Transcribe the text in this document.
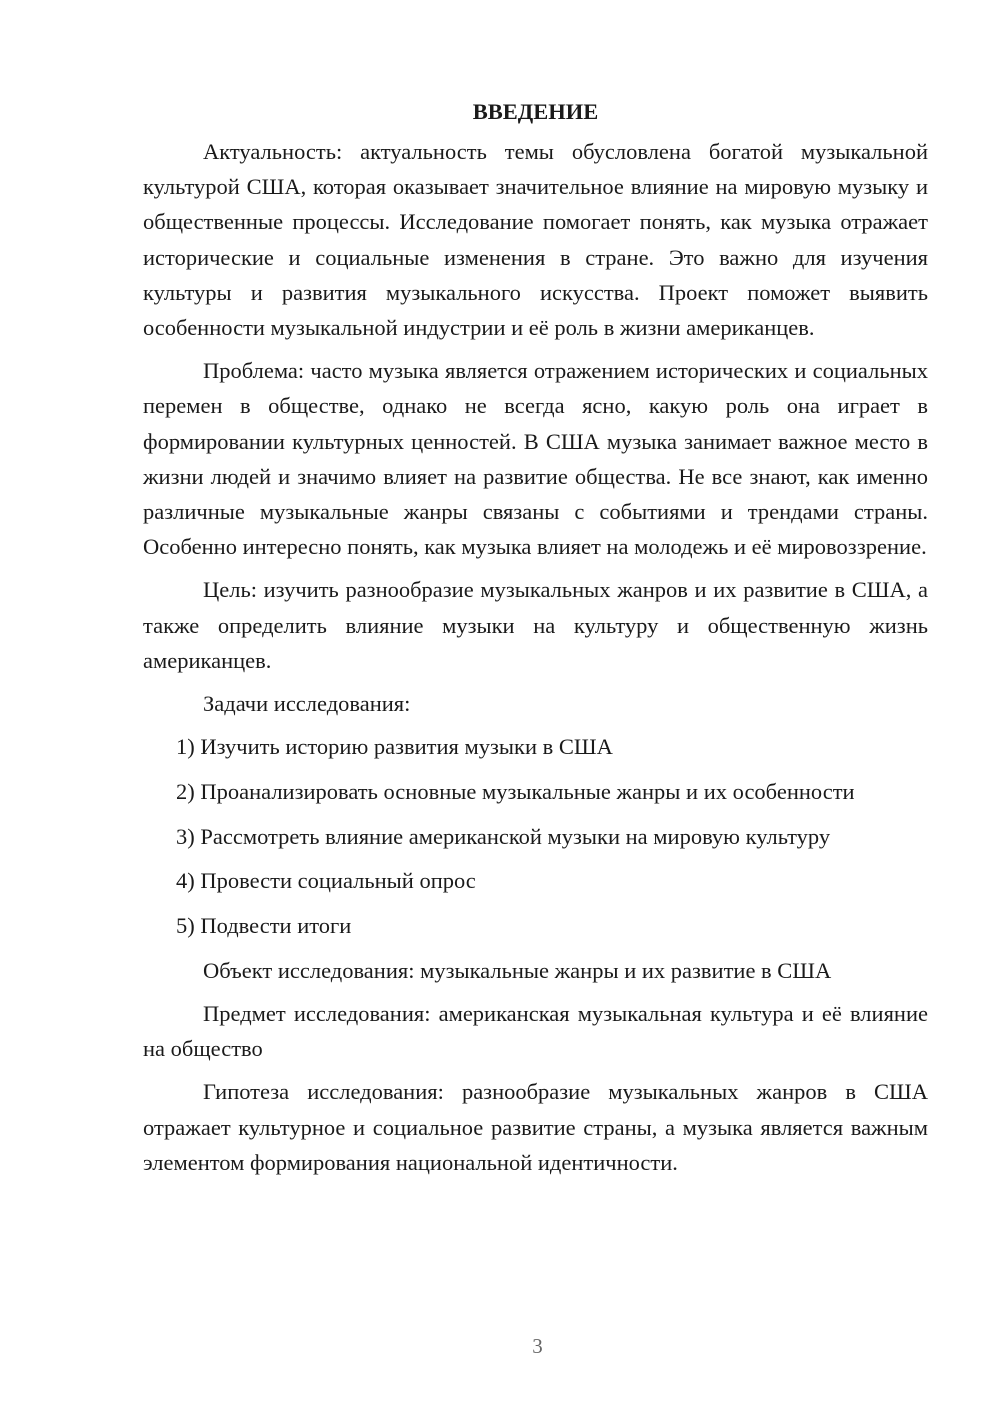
ВВЕДЕНИЕ

Актуальность: актуальность темы обусловлена богатой музыкальной культурой США, которая оказывает значительное влияние на мировую музыку и общественные процессы. Исследование помогает понять, как музыка отражает исторические и социальные изменения в стране. Это важно для изучения культуры и развития музыкального искусства. Проект поможет выявить особенности музыкальной индустрии и её роль в жизни американцев.

Проблема: часто музыка является отражением исторических и социальных перемен в обществе, однако не всегда ясно, какую роль она играет в формировании культурных ценностей. В США музыка занимает важное место в жизни людей и значимо влияет на развитие общества. Не все знают, как именно различные музыкальные жанры связаны с событиями и трендами страны. Особенно интересно понять, как музыка влияет на молодежь и её мировоззрение.

Цель: изучить разнообразие музыкальных жанров и их развитие в США, а также определить влияние музыки на культуру и общественную жизнь американцев.

Задачи исследования:

1) Изучить историю развития музыки в США

2) Проанализировать основные музыкальные жанры и их особенности

3) Рассмотреть влияние американской музыки на мировую культуру

4) Провести социальный опрос

5) Подвести итоги

Объект исследования: музыкальные жанры и их развитие в США

Предмет исследования: американская музыкальная культура и её влияние на общество

Гипотеза исследования: разнообразие музыкальных жанров в США отражает культурное и социальное развитие страны, а музыка является важным элементом формирования национальной идентичности.

3
